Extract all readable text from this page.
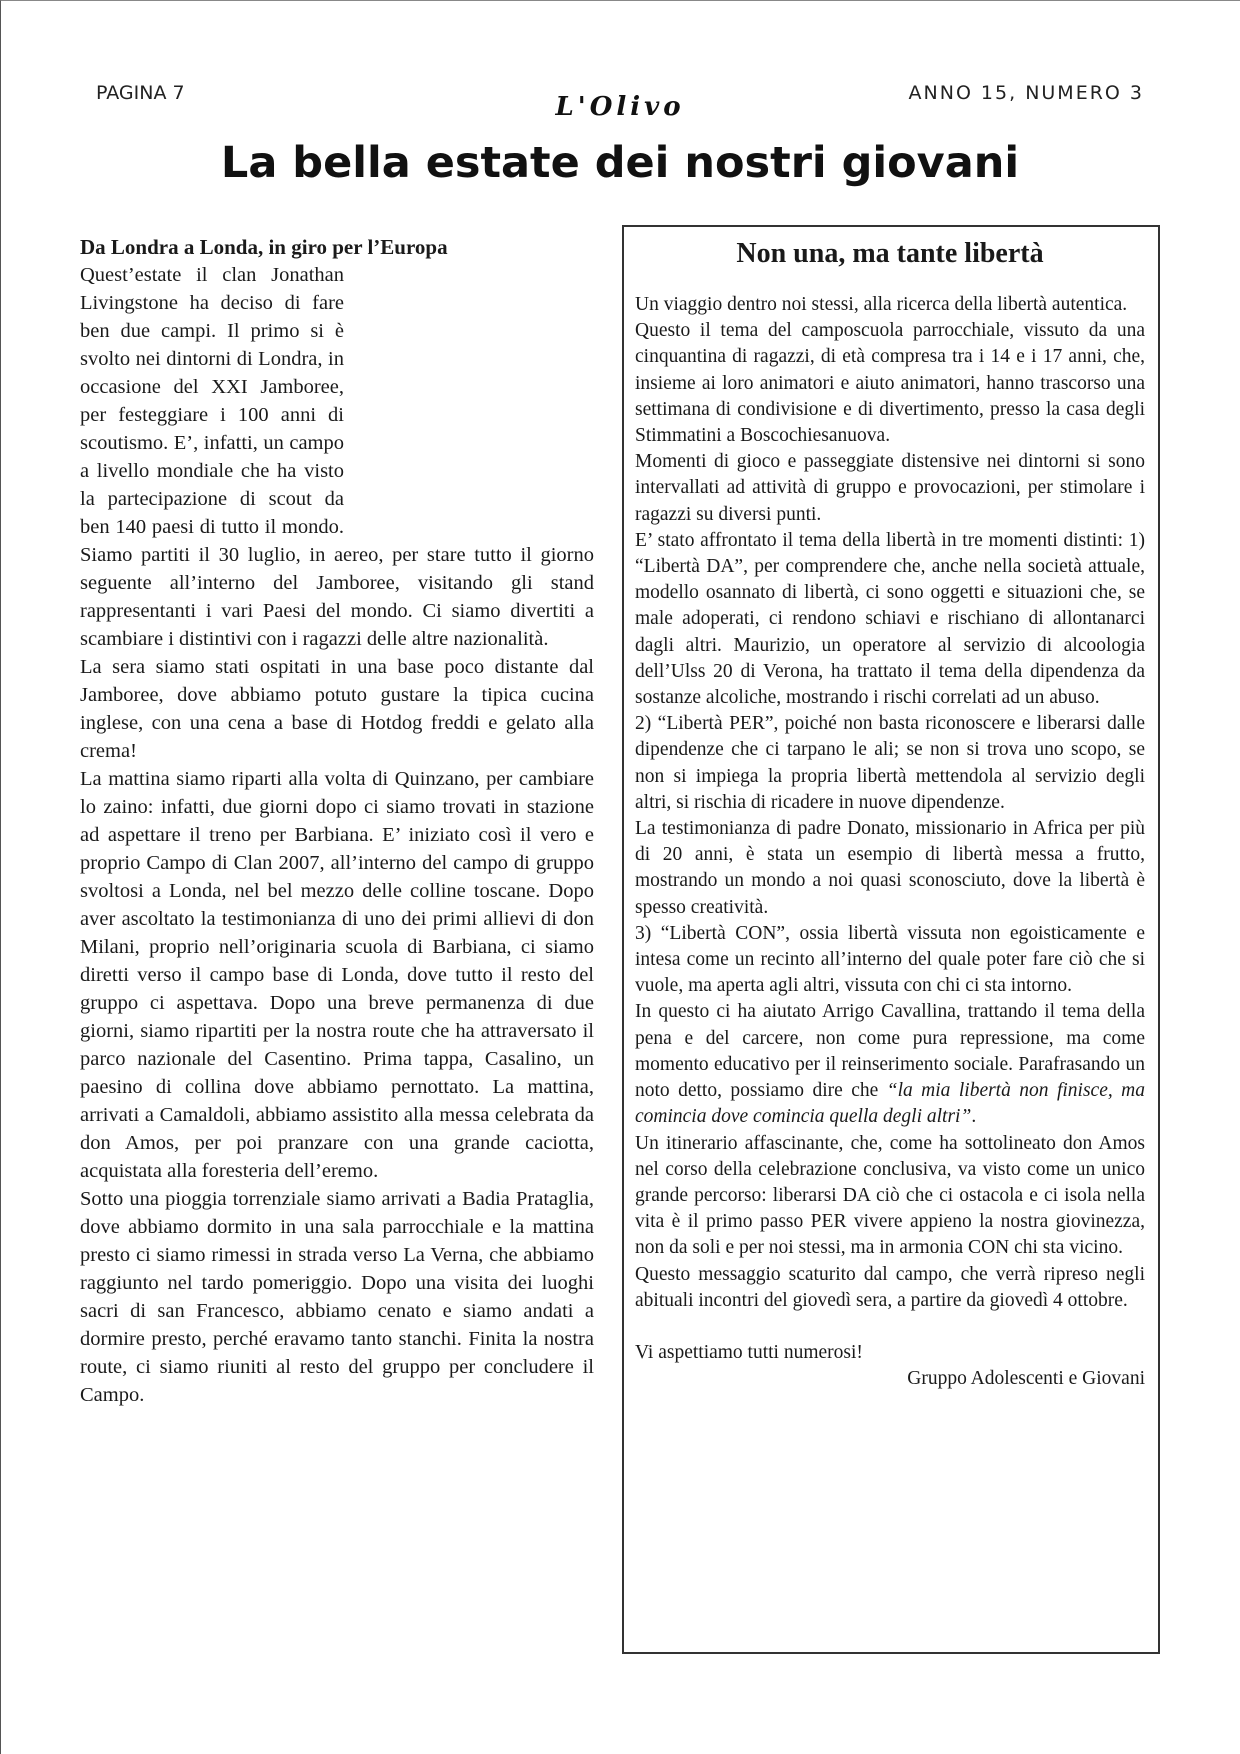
PAGINA 7	L'Olivo	ANNO 15, NUMERO 3
La bella estate dei nostri giovani
Da Londra a Londa, in giro per l’Europa

Quest’estate il clan Jonathan Livingstone ha deciso di fare ben due campi. Il primo si è svolto nei dintorni di Londra, in occasione del XXI Jamboree, per festeggiare i 100 anni di scoutismo. E’, infatti, un campo a livello mondiale che ha visto la partecipazione di scout da ben 140 paesi di tutto il mondo. Siamo partiti il 30 luglio, in aereo, per stare tutto il giorno seguente all’interno del Jamboree, visitando gli stand rappresentanti i vari Paesi del mondo. Ci siamo divertiti a scambiare i distintivi con i ragazzi delle altre nazionalità.

La sera siamo stati ospitati in una base poco distante dal Jamboree, dove abbiamo potuto gustare la tipica cucina inglese, con una cena a base di Hotdog freddi e gelato alla crema!

La mattina siamo riparti alla volta di Quinzano, per cambiare lo zaino: infatti, due giorni dopo ci siamo trovati in stazione ad aspettare il treno per Barbiana. E’ iniziato così il vero e proprio Campo di Clan 2007, all’interno del campo di gruppo svoltosi a Londa, nel bel mezzo delle colline toscane. Dopo aver ascoltato la testimonianza di uno dei primi allievi di don Milani, proprio nell’originaria scuola di Barbiana, ci siamo diretti verso il campo base di Londa, dove tutto il resto del gruppo ci aspettava. Dopo una breve permanenza di due giorni, siamo ripartiti per la nostra route che ha attraversato il parco nazionale del Casentino. Prima tappa, Casalino, un paesino di collina dove abbiamo pernottato. La mattina, arrivati a Camaldoli, abbiamo assistito alla messa celebrata da don Amos, per poi pranzare con una grande caciotta, acquistata alla foresteria dell’eremo.

Sotto una pioggia torrenziale siamo arrivati a Badia Prataglia, dove abbiamo dormito in una sala parrocchiale e la mattina presto ci siamo rimessi in strada verso La Verna, che abbiamo raggiunto nel tardo pomeriggio. Dopo una visita dei luoghi sacri di san Francesco, abbiamo cenato e siamo andati a dormire presto, perché eravamo tanto stanchi. Finita la nostra route, ci siamo riuniti al resto del gruppo per concludere il Campo.

Non una, ma tante libertà

Un viaggio dentro noi stessi, alla ricerca della libertà autentica.

Questo il tema del camposcuola parrocchiale, vissuto da una cinquantina di ragazzi, di età compresa tra i 14 e i 17 anni, che, insieme ai loro animatori e aiuto animatori, hanno trascorso una settimana di condivisione e di divertimento, presso la casa degli Stimmatini a Boscochiesanuova.

Momenti di gioco e passeggiate distensive nei dintorni si sono intervallati ad attività di gruppo e provocazioni, per stimolare i ragazzi su diversi punti.

E’ stato affrontato il tema della libertà in tre momenti distinti: 1) “Libertà DA”, per comprendere che, anche nella società attuale, modello osannato di libertà, ci sono oggetti e situazioni che, se male adoperati, ci rendono schiavi e rischiano di allontanarci dagli altri. Maurizio, un operatore al servizio di alcoologia dell’Ulss 20 di Verona, ha trattato il tema della dipendenza da sostanze alcoliche, mostrando i rischi correlati ad un abuso.

2) “Libertà PER”, poiché non basta riconoscere e liberarsi dalle dipendenze che ci tarpano le ali; se non si trova uno scopo, se non si impiega la propria libertà mettendola al servizio degli altri, si rischia di ricadere in nuove dipendenze.

La testimonianza di padre Donato, missionario in Africa per più di 20 anni, è stata un esempio di libertà messa a frutto, mostrando un mondo a noi quasi sconosciuto, dove la libertà è spesso creatività.

3) “Libertà CON”, ossia libertà vissuta non egoisticamente e intesa come un recinto all’interno del quale poter fare ciò che si vuole, ma aperta agli altri, vissuta con chi ci sta intorno.

In questo ci ha aiutato Arrigo Cavallina, trattando il tema della pena e del carcere, non come pura repressione, ma come momento educativo per il reinserimento sociale. Parafrasando un noto detto, possiamo dire che “la mia libertà non finisce, ma comincia dove comincia quella degli altri”.

Un itinerario affascinante, che, come ha sottolineato don Amos nel corso della celebrazione conclusiva, va visto come un unico grande percorso: liberarsi DA ciò che ci ostacola e ci isola nella vita è il primo passo PER vivere appieno la nostra giovinezza, non da soli e per noi stessi, ma in armonia CON chi sta vicino.

Questo messaggio scaturito dal campo, che verrà ripreso negli abituali incontri del giovedì sera, a partire da giovedì 4 ottobre.

Vi aspettiamo tutti numerosi!

Gruppo Adolescenti e Giovani
